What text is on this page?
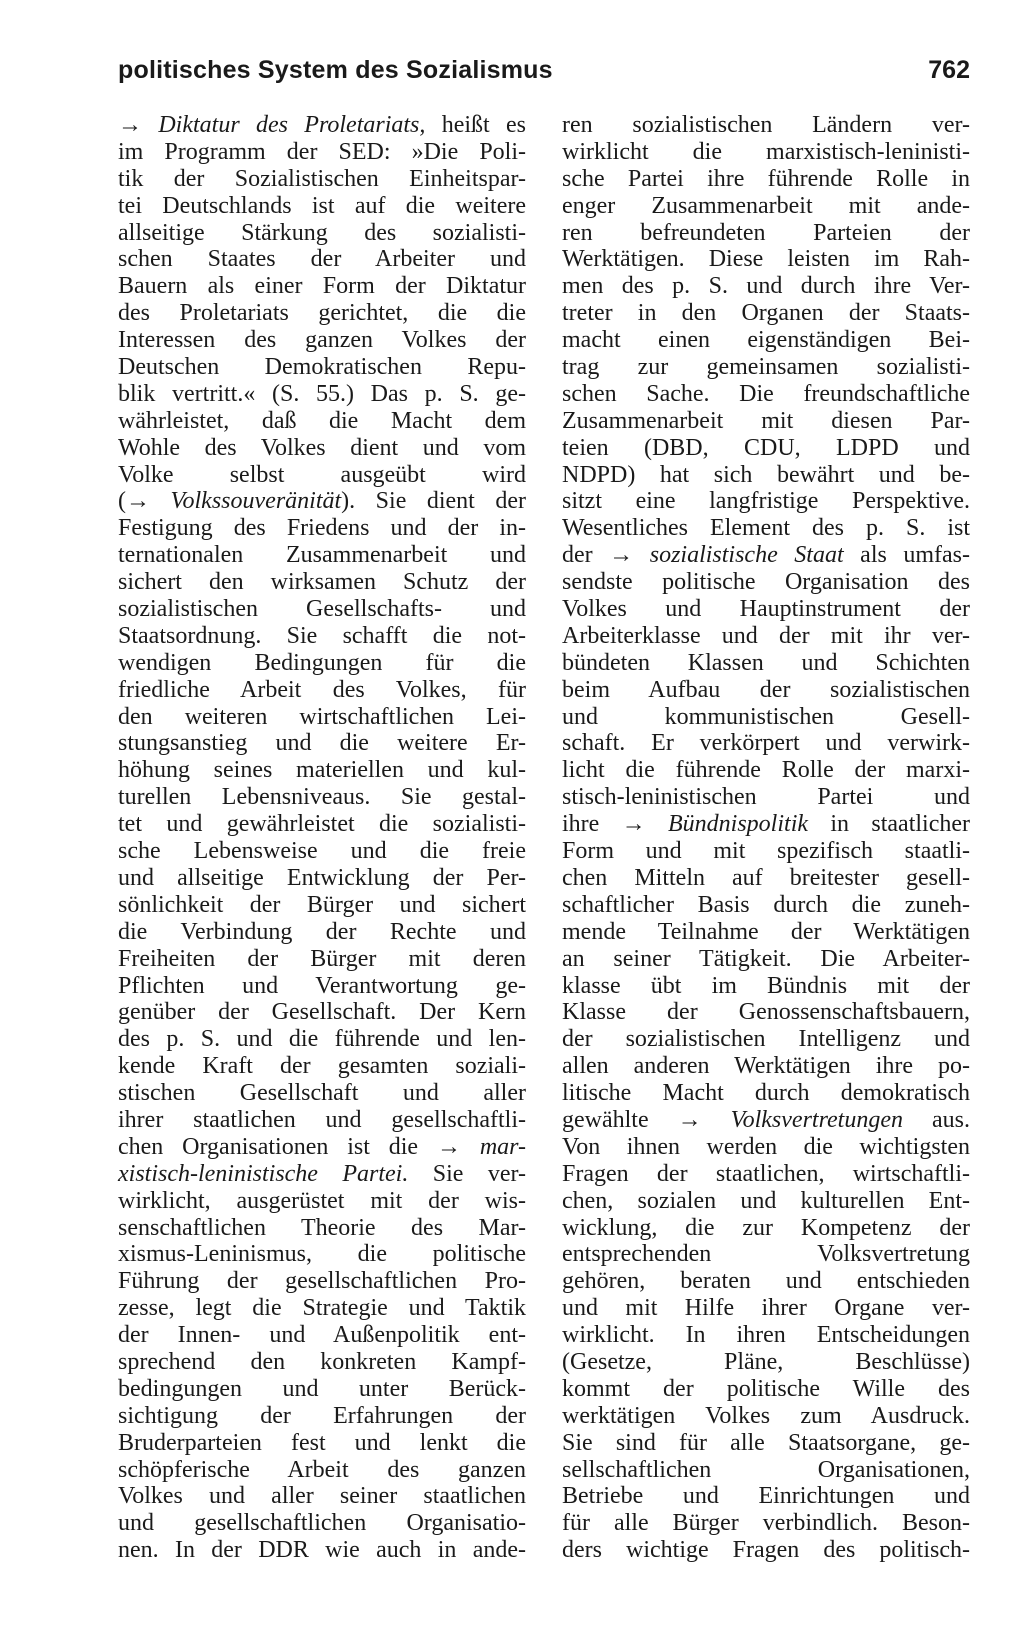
politisches System des Sozialismus	762
→ Diktatur des Proletariats, heißt es
im Programm der SED: »Die Poli-
tik der Sozialistischen Einheitspar-
tei Deutschlands ist auf die weitere
allseitige Stärkung des sozialisti-
schen Staates der Arbeiter und
Bauern als einer Form der Diktatur
des Proletariats gerichtet, die die
Interessen des ganzen Volkes der
Deutschen Demokratischen Repu-
blik vertritt.« (S. 55.) Das p. S. ge-
währleistet, daß die Macht dem
Wohle des Volkes dient und vom
Volke selbst ausgeübt wird
(→ Volkssouveränität). Sie dient der
Festigung des Friedens und der in-
ternationalen Zusammenarbeit und
sichert den wirksamen Schutz der
sozialistischen Gesellschafts- und
Staatsordnung. Sie schafft die not-
wendigen Bedingungen für die
friedliche Arbeit des Volkes, für
den weiteren wirtschaftlichen Lei-
stungsanstieg und die weitere Er-
höhung seines materiellen und kul-
turellen Lebensniveaus. Sie gestal-
tet und gewährleistet die sozialisti-
sche Lebensweise und die freie
und allseitige Entwicklung der Per-
sönlichkeit der Bürger und sichert
die Verbindung der Rechte und
Freiheiten der Bürger mit deren
Pflichten und Verantwortung ge-
genüber der Gesellschaft. Der Kern
des p. S. und die führende und len-
kende Kraft der gesamten soziali-
stischen Gesellschaft und aller
ihrer staatlichen und gesellschaftli-
chen Organisationen ist die → mar-
xistisch-leninistische Partei. Sie ver-
wirklicht, ausgerüstet mit der wis-
senschaftlichen Theorie des Mar-
xismus-Leninismus, die politische
Führung der gesellschaftlichen Pro-
zesse, legt die Strategie und Taktik
der Innen- und Außenpolitik ent-
sprechend den konkreten Kampf-
bedingungen und unter Berück-
sichtigung der Erfahrungen der
Bruderparteien fest und lenkt die
schöpferische Arbeit des ganzen
Volkes und aller seiner staatlichen
und gesellschaftlichen Organisatio-
nen. In der DDR wie auch in ande-
ren sozialistischen Ländern ver-
wirklicht die marxistisch-leninisti-
sche Partei ihre führende Rolle in
enger Zusammenarbeit mit ande-
ren befreundeten Parteien der
Werktätigen. Diese leisten im Rah-
men des p. S. und durch ihre Ver-
treter in den Organen der Staats-
macht einen eigenständigen Bei-
trag zur gemeinsamen sozialisti-
schen Sache. Die freundschaftliche
Zusammenarbeit mit diesen Par-
teien (DBD, CDU, LDPD und
NDPD) hat sich bewährt und be-
sitzt eine langfristige Perspektive.
Wesentliches Element des p. S. ist
der → sozialistische Staat als umfas-
sendste politische Organisation des
Volkes und Hauptinstrument der
Arbeiterklasse und der mit ihr ver-
bündeten Klassen und Schichten
beim Aufbau der sozialistischen
und kommunistischen Gesell-
schaft. Er verkörpert und verwirk-
licht die führende Rolle der marxi-
stisch-leninistischen Partei und
ihre → Bündnispolitik in staatlicher
Form und mit spezifisch staatli-
chen Mitteln auf breitester gesell-
schaftlicher Basis durch die zuneh-
mende Teilnahme der Werktätigen
an seiner Tätigkeit. Die Arbeiter-
klasse übt im Bündnis mit der
Klasse der Genossenschaftsbauern,
der sozialistischen Intelligenz und
allen anderen Werktätigen ihre po-
litische Macht durch demokratisch
gewählte → Volksvertretungen aus.
Von ihnen werden die wichtigsten
Fragen der staatlichen, wirtschaftli-
chen, sozialen und kulturellen Ent-
wicklung, die zur Kompetenz der
entsprechenden Volksvertretung
gehören, beraten und entschieden
und mit Hilfe ihrer Organe ver-
wirklicht. In ihren Entscheidungen
(Gesetze, Pläne, Beschlüsse)
kommt der politische Wille des
werktätigen Volkes zum Ausdruck.
Sie sind für alle Staatsorgane, ge-
sellschaftlichen Organisationen,
Betriebe und Einrichtungen und
für alle Bürger verbindlich. Beson-
ders wichtige Fragen des politisch-
